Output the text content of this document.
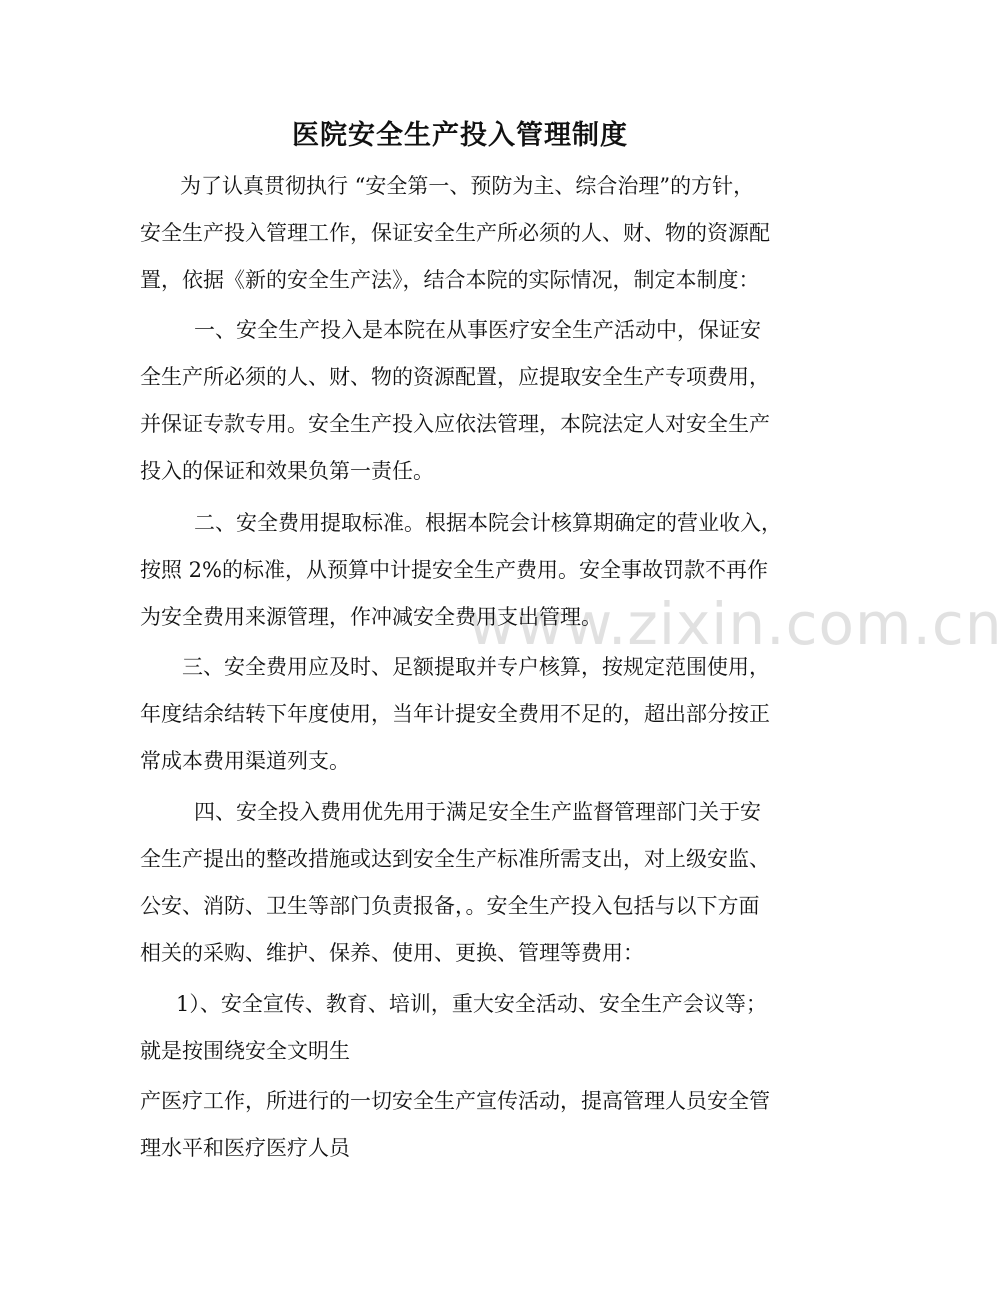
www.zixin.com.cn
医院安全生产投入管理制度
为了认真贯彻执行 “安全第一、预防为主、综合治理”的方针，
安全生产投入管理工作，保证安全生产所必须的人、财、物的资源配
置，依据《新的安全生产法》，结合本院的实际情况，制定本制度：
一、安全生产投入是本院在从事医疗安全生产活动中，保证安
全生产所必须的人、财、物的资源配置，应提取安全生产专项费用，
并保证专款专用。安全生产投入应依法管理，本院法定人对安全生产
投入的保证和效果负第一责任。
二、安全费用提取标准。根据本院会计核算期确定的营业收入，
按照 2%的标准，从预算中计提安全生产费用。安全事故罚款不再作
为安全费用来源管理，作冲减安全费用支出管理。
三、安全费用应及时、足额提取并专户核算，按规定范围使用，
年度结余结转下年度使用，当年计提安全费用不足的，超出部分按正
常成本费用渠道列支。
四、安全投入费用优先用于满足安全生产监督管理部门关于安
全生产提出的整改措施或达到安全生产标准所需支出，对上级安监、
公安、消防、卫生等部门负责报备，。安全生产投入包括与以下方面
相关的采购、维护、保养、使用、更换、管理等费用：
1）、安全宣传、教育、培训，重大安全活动、安全生产会议等；
就是按围绕安全文明生
产医疗工作，所进行的一切安全生产宣传活动，提高管理人员安全管
理水平和医疗医疗人员
